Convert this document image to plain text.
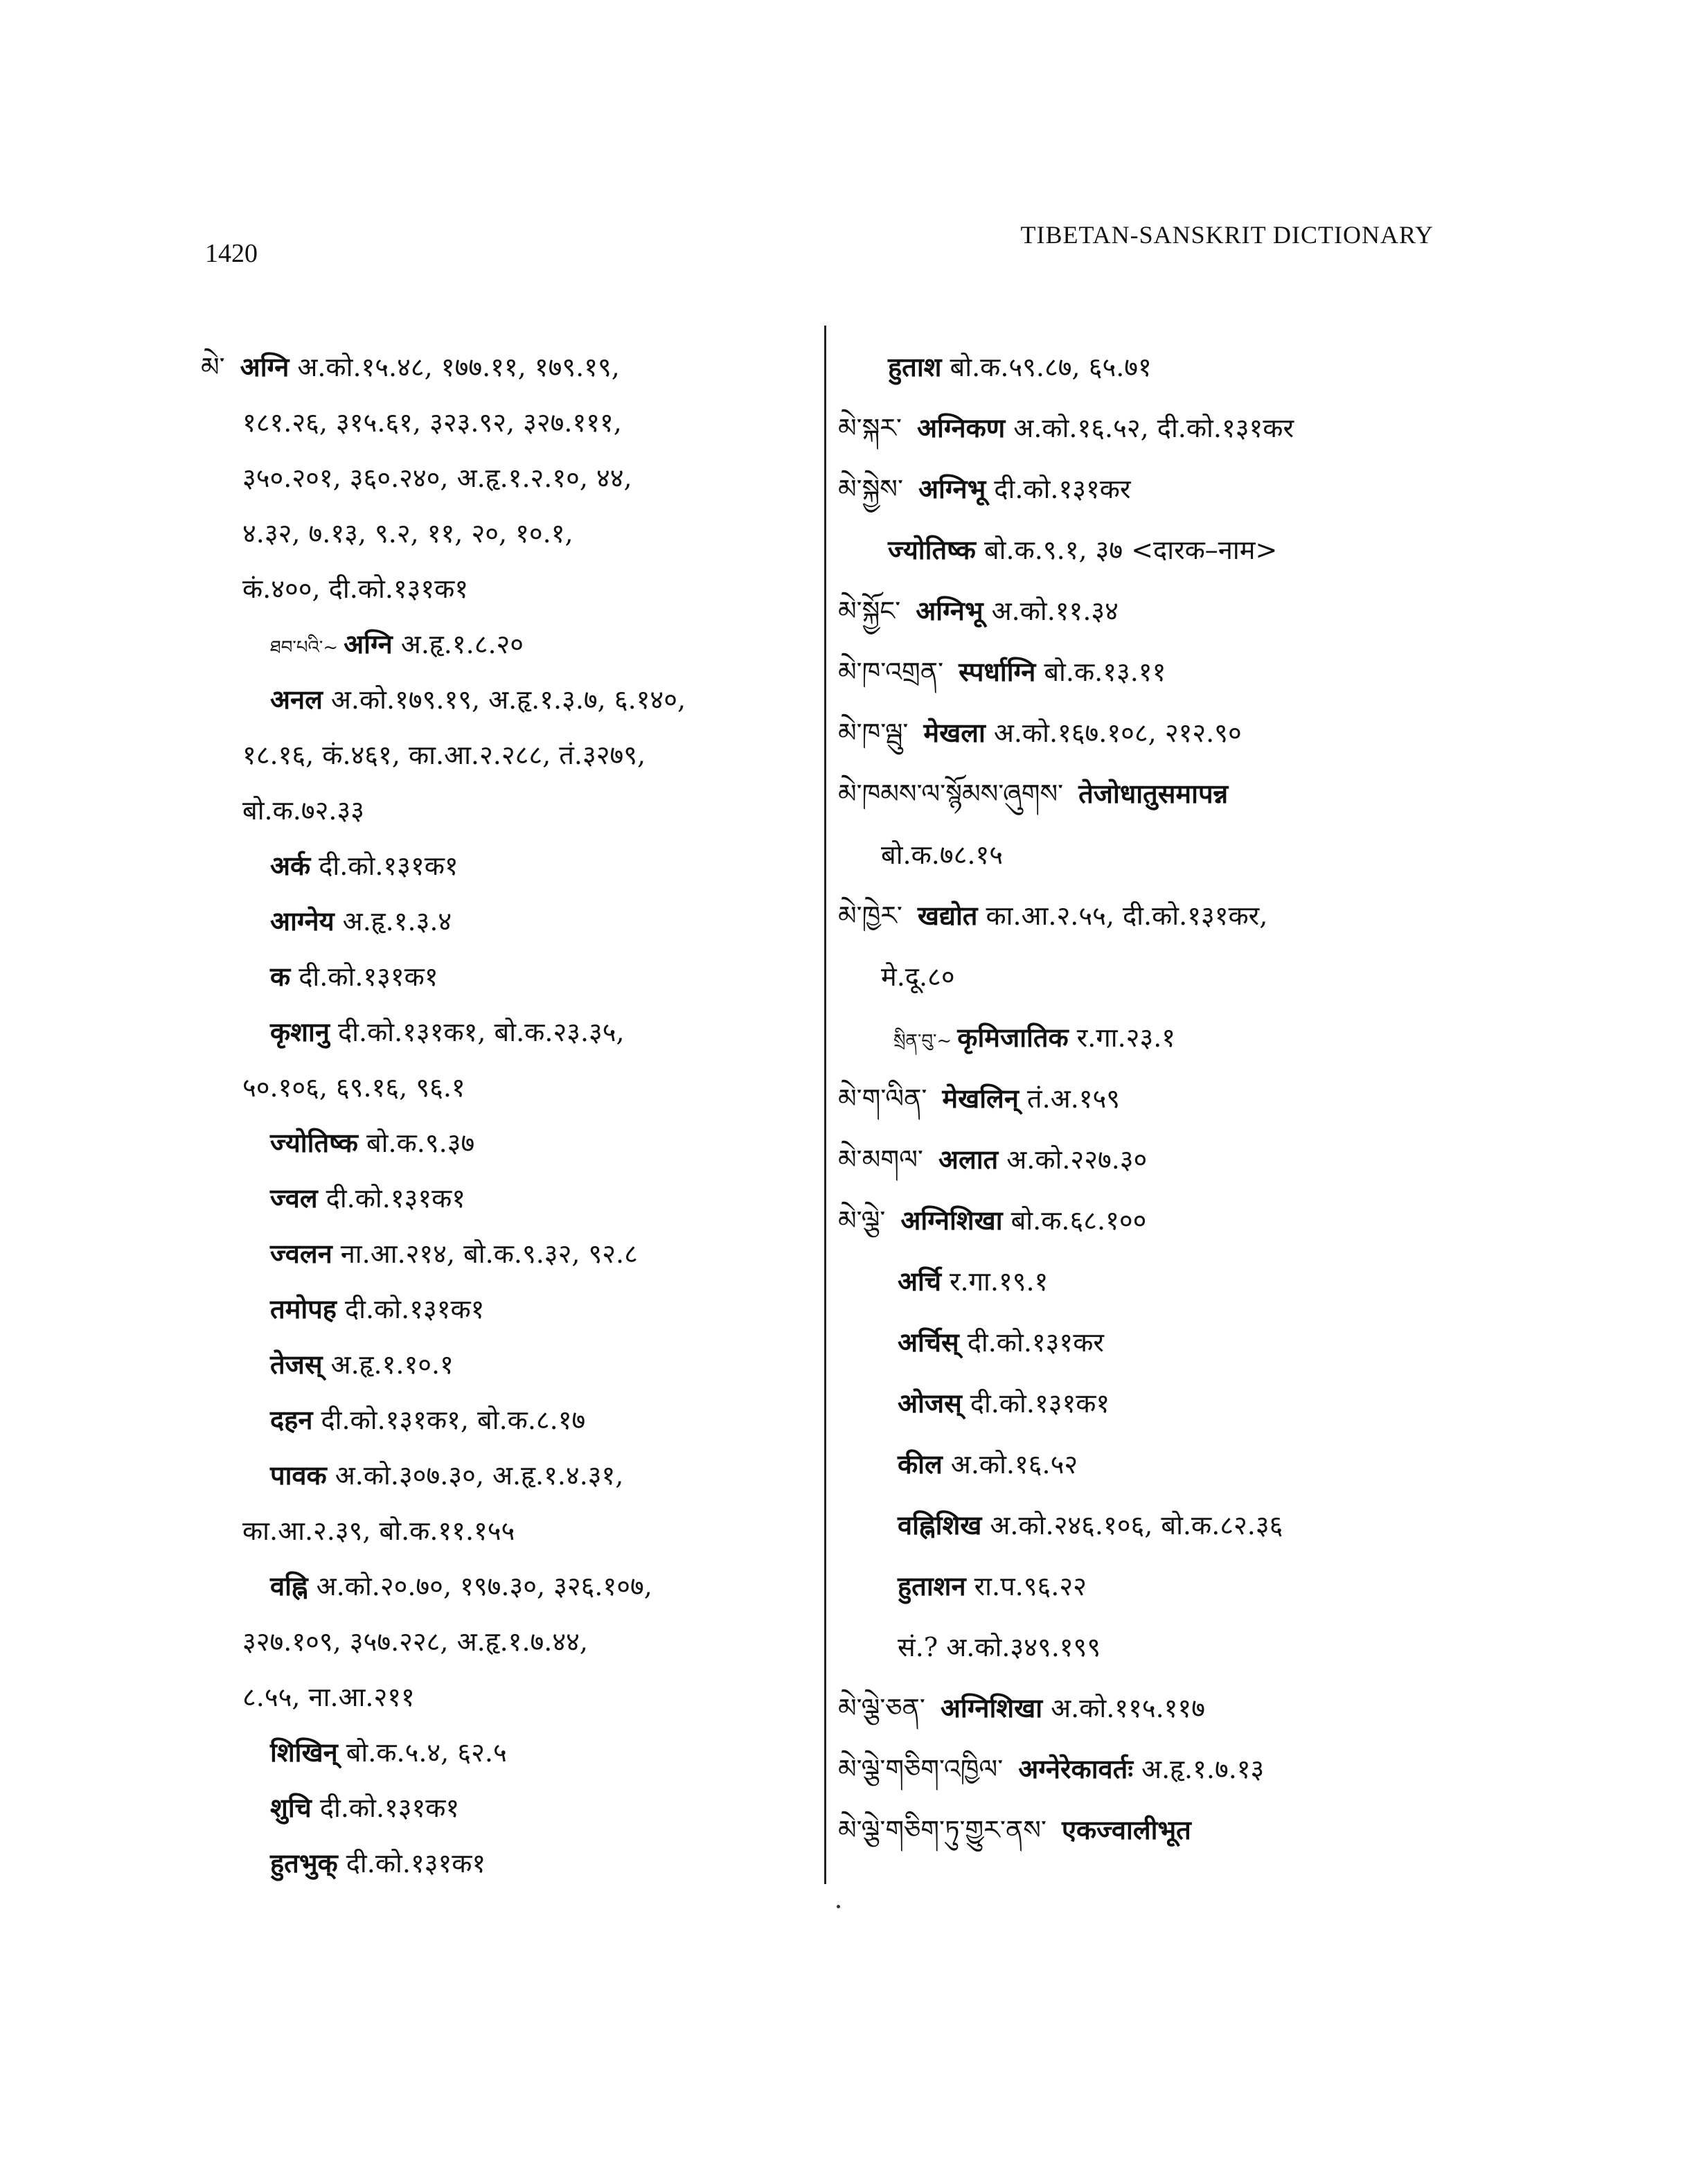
1420
TIBETAN-SANSKRIT DICTIONARY
མེ་ अग्नि अ.को.१५.४८, १७७.११, १७९.१९,
१८१.२६, ३१५.६१, ३२३.९२, ३२७.१११,
३५०.२०१, ३६०.२४०, अ.हृ.१.२.१०, ४४,
४.३२, ७.१३, ९.२, ११, २०, १०.१,
कं.४००, दी.को.१३१क१
ཐབ་པའི་~ अग्नि अ.हृ.१.८.२०
अनल अ.को.१७९.१९, अ.हृ.१.३.७, ६.१४०,
१८.१६, कं.४६१, का.आ.२.२८८, तं.३२७९,
बो.क.७२.३३
अर्क दी.को.१३१क१
आग्नेय अ.हृ.१.३.४
क दी.को.१३१क१
कृशानु दी.को.१३१क१, बो.क.२३.३५,
५०.१०६, ६९.१६, ९६.१
ज्योतिष्क बो.क.९.३७
ज्वल दी.को.१३१क१
ज्वलन ना.आ.२१४, बो.क.९.३२, ९२.८
तमोपह दी.को.१३१क१
तेजस् अ.हृ.१.१०.१
दहन दी.को.१३१क१, बो.क.८.१७
पावक अ.को.३०७.३०, अ.हृ.१.४.३१,
का.आ.२.३९, बो.क.११.१५५
वह्नि अ.को.२०.७०, १९७.३०, ३२६.१०७,
३२७.१०९, ३५७.२२८, अ.हृ.१.७.४४,
८.५५, ना.आ.२११
शिखिन् बो.क.५.४, ६२.५
शुचि दी.को.१३१क१
हुतभुक् दी.को.१३१क१
हुताश बो.क.५९.८७, ६५.७१
མེ་སྐར་ अग्निकण अ.को.१६.५२, दी.को.१३१कर
མེ་སྐྱེས་ अग्निभू दी.को.१३१कर
ज्योतिष्क बो.क.९.१, ३७ <दारक–नाम>
མེ་སྐྱོང་ अग्निभू अ.को.११.३४
མེ་ཁ་འགྲན་ स्पर्धाग्नि बो.क.१३.११
མེ་ཁ་ལྦུ་ मेखला अ.को.१६७.१०८, २१२.९०
མེ་ཁམས་ལ་སྙོམས་ཞུགས་ तेजोधातुसमापन्न
बो.क.७८.१५
མེ་ཁྱེར་ खद्योत का.आ.२.५५, दी.को.१३१कर,
मे.दू.८०
སྲིན་བུ་~ कृमिजातिक र.गा.२३.१
མེ་ག་ལིན་ मेखलिन् तं.अ.१५९
མེ་མགལ་ अलात अ.को.२२७.३०
མེ་ལྕེ་ अग्निशिखा बो.क.६८.१००
अर्चि र.गा.१९.१
अर्चिस् दी.को.१३१कर
ओजस् दी.को.१३१क१
कील अ.को.१६.५२
वह्निशिख अ.को.२४६.१०६, बो.क.८२.३६
हुताशन रा.प.९६.२२
सं.? अ.को.३४९.१९९
མེ་ལྕེ་ཅན་ अग्निशिखा अ.को.११५.११७
མེ་ལྕེ་གཅིག་འཁྱིལ་ अग्नेरेकावर्तः अ.हृ.१.७.१३
མེ་ལྕེ་གཅིག་ཏུ་གྱུར་ནས་ एकज्वालीभूत
